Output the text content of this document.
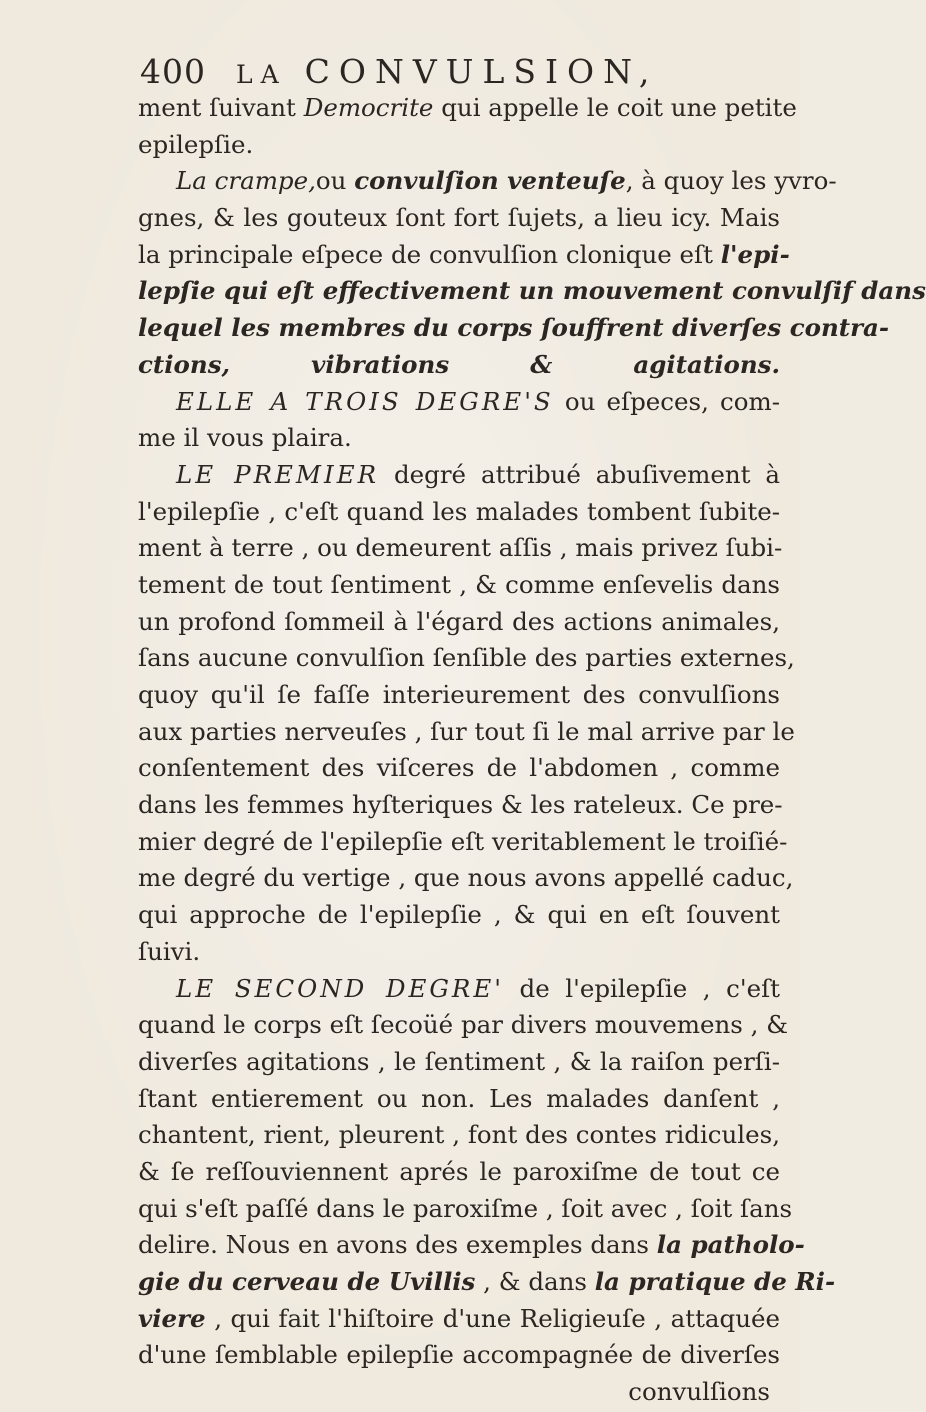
400 LA CONVULSION,
ment ſuivant Democrite qui appelle le coit une petite
epilepſie.
La crampe,ou convulſion venteuſe, à quoy les yvro-
gnes, & les gouteux ſont fort ſujets, a lieu icy. Mais
la principale eſpece de convulſion clonique eſt l'epi-
lepſie qui eſt effectivement un mouvement convulſif dans
lequel les membres du corps ſouffrent diverſes contra-
ctions, vibrations & agitations.
ELLE A TROIS DEGRE'S ou eſpeces, com-
me il vous plaira.
LE PREMIER degré attribué abuſivement à
l'epilepſie , c'eſt quand les malades tombent ſubite-
ment à terre , ou demeurent aſſis , mais privez ſubi-
tement de tout ſentiment , & comme enſevelis dans
un profond ſommeil à l'égard des actions animales,
ſans aucune convulſion ſenſible des parties externes,
quoy qu'il ſe faſſe interieurement des convulſions
aux parties nerveuſes , ſur tout ſi le mal arrive par le
conſentement des viſceres de l'abdomen , comme
dans les femmes hyſteriques & les rateleux. Ce pre-
mier degré de l'epilepſie eſt veritablement le troiſié-
me degré du vertige , que nous avons appellé caduc,
qui approche de l'epilepſie , & qui en eſt ſouvent
ſuivi.
LE SECOND DEGRE' de l'epilepſie , c'eſt
quand le corps eſt ſecoüé par divers mouvemens , &
diverſes agitations , le ſentiment , & la raiſon perſi-
ſtant entierement ou non. Les malades danſent ,
chantent, rient, pleurent , font des contes ridicules,
& ſe reſſouviennent aprés le paroxiſme de tout ce
qui s'eſt paſſé dans le paroxiſme , ſoit avec , ſoit ſans
delire. Nous en avons des exemples dans la patholo-
gie du cerveau de Uvillis , & dans la pratique de Ri-
viere , qui fait l'hiſtoire d'une Religieuſe , attaquée
d'une ſemblable epilepſie accompagnée de diverſes
convulſions
